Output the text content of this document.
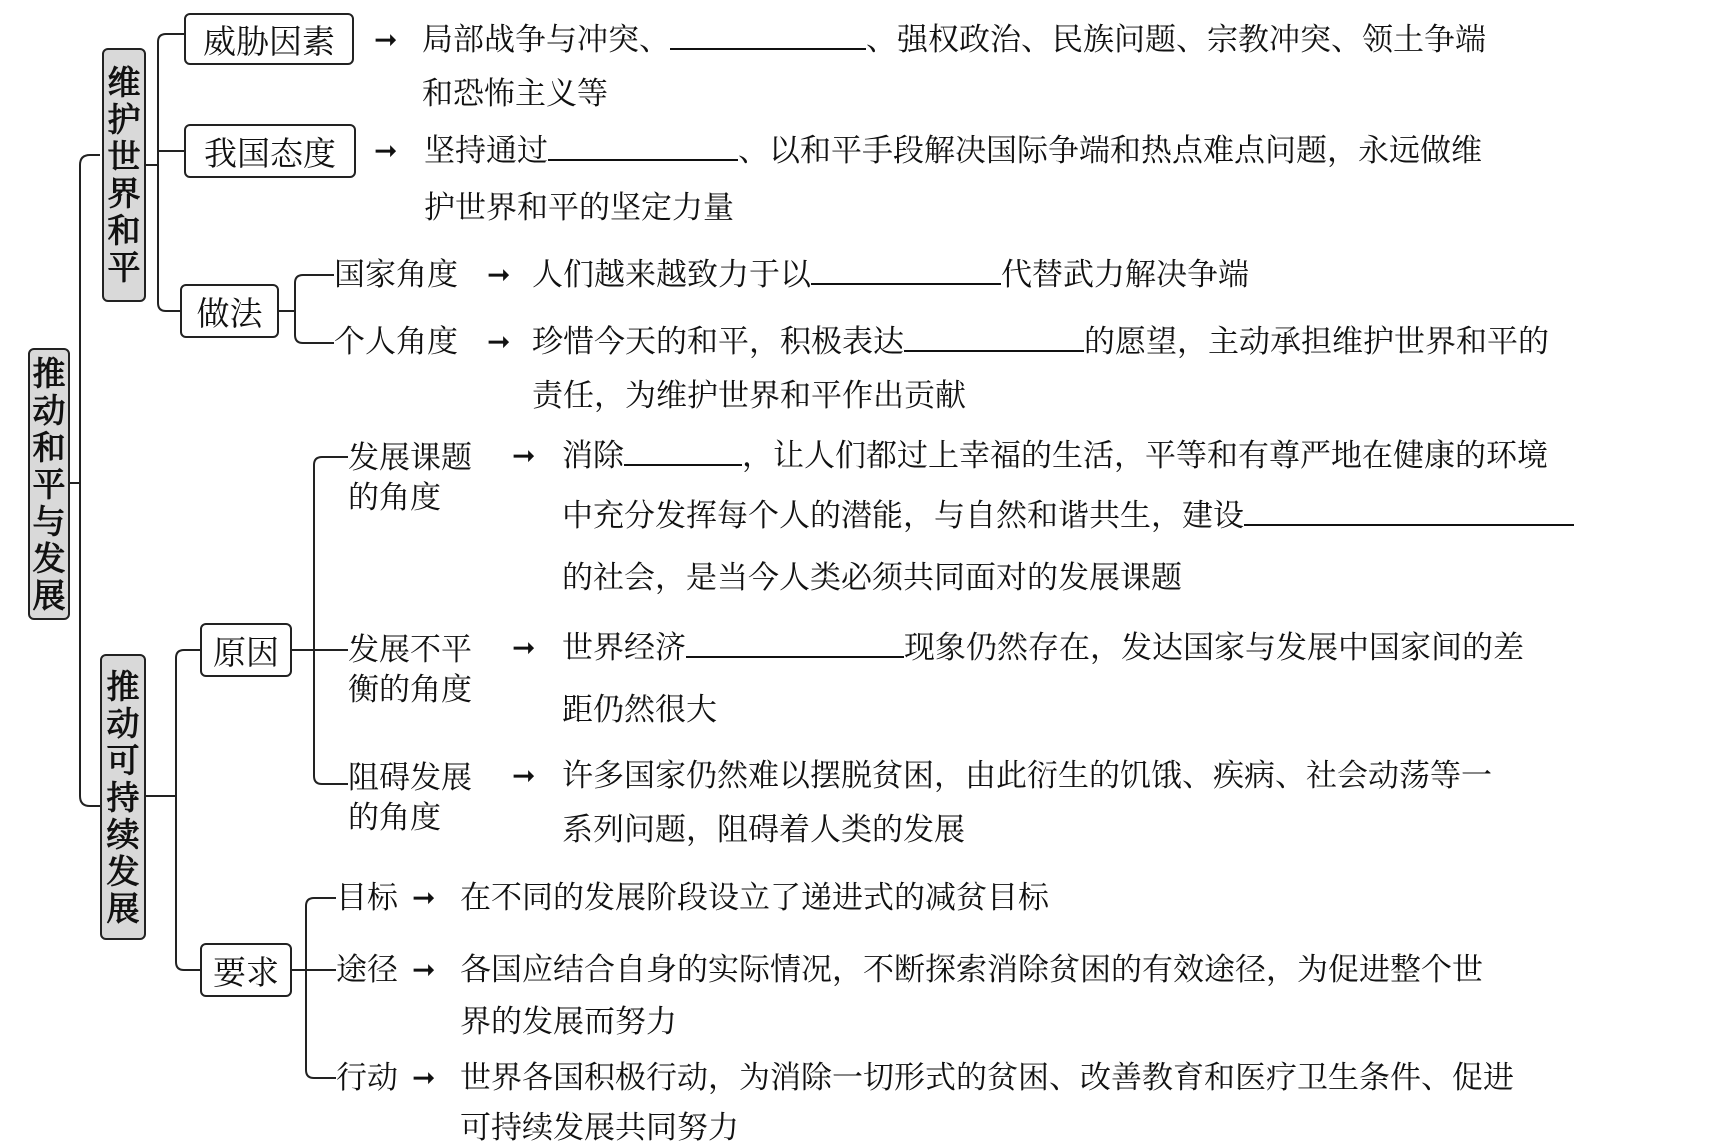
推动和平与发展
维护世界和平
威胁因素 ➞ 局部战争与冲突、	、强权政治、民族问题、宗教冲突、领土争端
和恐怖主义等
我国态度 ➞ 坚持通过	、以和平手段解决国际争端和热点难点问题，永远做维
护世界和平的坚定力量
做法
国家角度 ➞ 人们越来越致力于以	代替武力解决争端
个人角度 ➞ 珍惜今天的和平，积极表达	的愿望，主动承担维护世界和平的
责任，为维护世界和平作出贡献
推动可持续发展
原因
发展课题
的角度
➞ 消除	，让人们都过上幸福的生活，平等和有尊严地在健康的环境
中充分发挥每个人的潜能，与自然和谐共生，建设
的社会，是当今人类必须共同面对的发展课题
发展不平
衡的角度
➞ 世界经济	现象仍然存在，发达国家与发展中国家间的差
距仍然很大
阻碍发展
的角度
➞ 许多国家仍然难以摆脱贫困，由此衍生的饥饿、疾病、社会动荡等一
系列问题，阻碍着人类的发展
要求
目标 ➞ 在不同的发展阶段设立了递进式的减贫目标
途径 ➞ 各国应结合自身的实际情况，不断探索消除贫困的有效途径，为促进整个世
界的发展而努力
行动 ➞ 世界各国积极行动，为消除一切形式的贫困、改善教育和医疗卫生条件、促进
可持续发展共同努力
